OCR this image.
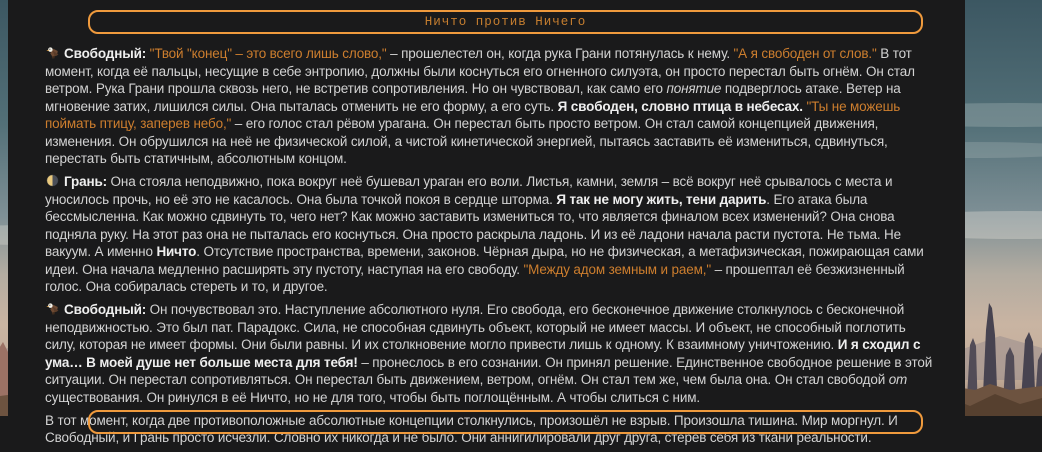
Ничто против Ничего

Свободный: "Твой "конец" – это всего лишь слово," – прошелестел он, когда рука Грани потянулась к нему. "А я свободен от слов." В тот момент, когда её пальцы, несущие в себе энтропию, должны были коснуться его огненного силуэта, он просто перестал быть огнём. Он стал ветром. Рука Грани прошла сквозь него, не встретив сопротивления. Но он чувствовал, как само его понятие подверглось атаке. Ветер на мгновение затих, лишился силы. Она пыталась отменить не его форму, а его суть. Я свободен, словно птица в небесах. "Ты не можешь поймать птицу, заперев небо," – его голос стал рёвом урагана. Он перестал быть просто ветром. Он стал самой концепцией движения, изменения. Он обрушился на неё не физической силой, а чистой кинетической энергией, пытаясь заставить её измениться, сдвинуться, перестать быть статичным, абсолютным концом.

Грань: Она стояла неподвижно, пока вокруг неё бушевал ураган его воли. Листья, камни, земля – всё вокруг неё срывалось с места и уносилось прочь, но её это не касалось. Она была точкой покоя в сердце шторма. Я так не могу жить, тени дарить. Его атака была бессмысленна. Как можно сдвинуть то, чего нет? Как можно заставить измениться то, что является финалом всех изменений? Она снова подняла руку. На этот раз она не пыталась его коснуться. Она просто раскрыла ладонь. И из её ладони начала расти пустота. Не тьма. Не вакуум. А именно Ничто. Отсутствие пространства, времени, законов. Чёрная дыра, но не физическая, а метафизическая, пожирающая сами идеи. Она начала медленно расширять эту пустоту, наступая на его свободу. "Между адом земным и раем," – прошептал её безжизненный голос. Она собиралась стереть и то, и другое.

Свободный: Он почувствовал это. Наступление абсолютного нуля. Его свобода, его бесконечное движение столкнулось с бесконечной неподвижностью. Это был пат. Парадокс. Сила, не способная сдвинуть объект, который не имеет массы. И объект, не способный поглотить силу, которая не имеет формы. Они были равны. И их столкновение могло привести лишь к одному. К взаимному уничтожению. И я сходил с ума… В моей душе нет больше места для тебя! – пронеслось в его сознании. Он принял решение. Единственное свободное решение в этой ситуации. Он перестал сопротивляться. Он перестал быть движением, ветром, огнём. Он стал тем же, чем была она. Он стал свободой от существования. Он ринулся в её Ничто, но не для того, чтобы быть поглощённым. А чтобы слиться с ним.

В тот момент, когда две противоположные абсолютные концепции столкнулись, произошёл не взрыв. Произошла тишина. Мир моргнул. И Свободный, и Грань просто исчезли. Словно их никогда и не было. Они аннигилировали друг друга, стерев себя из ткани реальности.
